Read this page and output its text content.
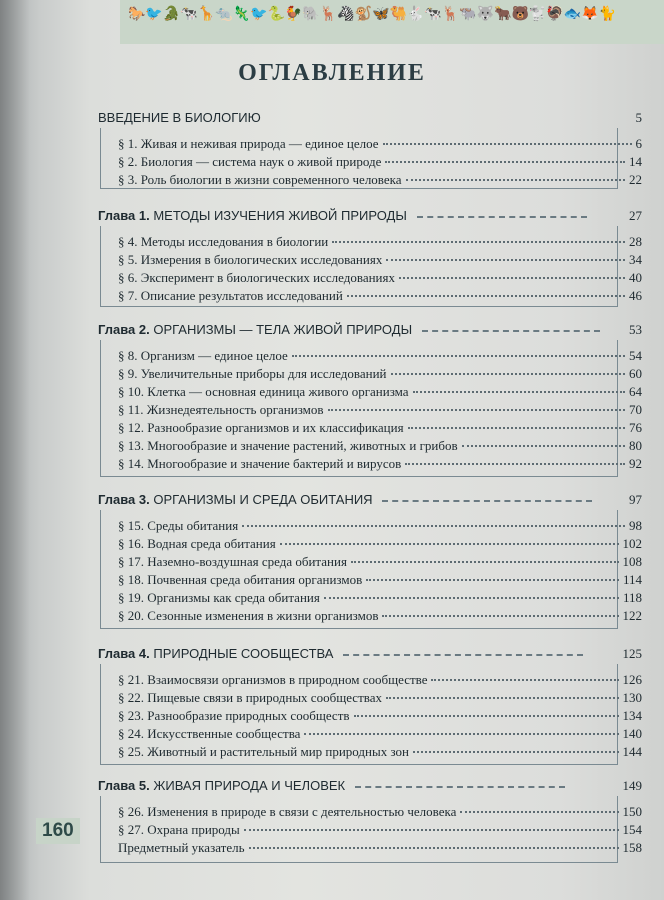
🐎🐦🐊🐄🦒🐀🦎🐦🐍🐓🐘🦌🦓🐒🦋🐫🐇🐄🦌🐃🐺🐂🐻🐩🦃🐟🦊🐈
ОГЛАВЛЕНИЕ
ВВЕДЕНИЕ В БИОЛОГИЮ	5
§ 1. Живая и неживая природа — единое целое	6
§ 2. Биология — система наук о живой природе	14
§ 3. Роль биологии в жизни современного человека	22
Глава 1. МЕТОДЫ ИЗУЧЕНИЯ ЖИВОЙ ПРИРОДЫ	27
§ 4. Методы исследования в биологии	28
§ 5. Измерения в биологических исследованиях	34
§ 6. Эксперимент в биологических исследованиях	40
§ 7. Описание результатов исследований	46
Глава 2. ОРГАНИЗМЫ — ТЕЛА ЖИВОЙ ПРИРОДЫ	53
§ 8. Организм — единое целое	54
§ 9. Увеличительные приборы для исследований	60
§ 10. Клетка — основная единица живого организма	64
§ 11. Жизнедеятельность организмов	70
§ 12. Разнообразие организмов и их классификация	76
§ 13. Многообразие и значение растений, животных и грибов	80
§ 14. Многообразие и значение бактерий и вирусов	92
Глава 3. ОРГАНИЗМЫ И СРЕДА ОБИТАНИЯ	97
§ 15. Среды обитания	98
§ 16. Водная среда обитания	102
§ 17. Наземно-воздушная среда обитания	108
§ 18. Почвенная среда обитания организмов	114
§ 19. Организмы как среда обитания	118
§ 20. Сезонные изменения в жизни организмов	122
Глава 4. ПРИРОДНЫЕ СООБЩЕСТВА	125
§ 21. Взаимосвязи организмов в природном сообществе	126
§ 22. Пищевые связи в природных сообществах	130
§ 23. Разнообразие природных сообществ	134
§ 24. Искусственные сообщества	140
§ 25. Животный и растительный мир природных зон	144
Глава 5. ЖИВАЯ ПРИРОДА И ЧЕЛОВЕК	149
§ 26. Изменения в природе в связи с деятельностью человека	150
§ 27. Охрана природы	154
Предметный указатель	158
160
